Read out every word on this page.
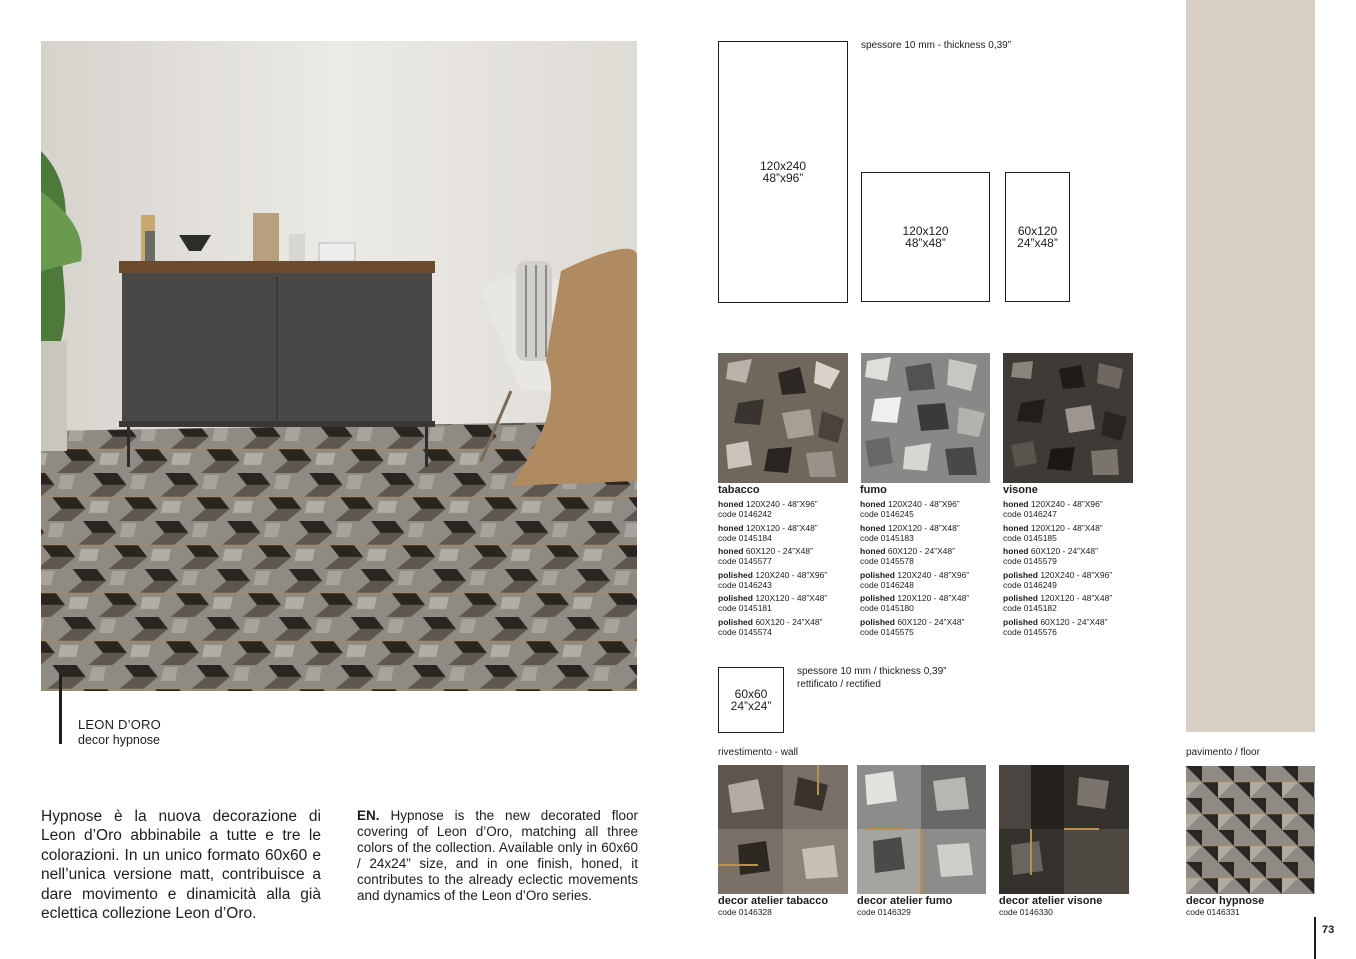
LEON D’ORO
decor hypnose
Hypnose è la nuova decorazione di Leon d’Oro abbinabile a tutte e tre le colorazioni. In un unico formato 60x60 e nell’unica versione matt, contribuisce a dare movimento e dinamicità alla già eclettica collezione Leon d’Oro.
EN. Hypnose is the new decorated floor covering of Leon d’Oro, matching all three colors of the collection. Available only in 60x60 / 24x24” size, and in one finish, honed, it contributes to the already eclectic movements and dynamics of the Leon d’Oro series.
120x240
48”x96”
spessore 10 mm - thickness 0,39”
120x120
48”x48”
60x120
24”x48”
tabacco
honed 120X240 - 48”X96”
code 0146242
honed 120X120 - 48”X48”
code 0145184
honed 60X120 - 24”X48”
code 0145577
polished 120X240 - 48”X96”
code 0146243
polished 120X120 - 48”X48”
code 0145181
polished 60X120 - 24”X48”
code 0145574
fumo
honed 120X240 - 48”X96”
code 0146245
honed 120X120 - 48”X48”
code 0145183
honed 60X120 - 24”X48”
code 0145578
polished 120X240 - 48”X96”
code 0146248
polished 120X120 - 48”X48”
code 0145180
polished 60X120 - 24”X48”
code 0145575
visone
honed 120X240 - 48”X96”
code 0146247
honed 120X120 - 48”X48”
code 0145185
honed 60X120 - 24”X48”
code 0145579
polished 120X240 - 48”X96”
code 0146249
polished 120X120 - 48”X48”
code 0145182
polished 60X120 - 24”X48”
code 0145576
60x60
24”x24”
spessore 10 mm / thickness 0,39”
rettificato / rectified
rivestimento - wall
decor atelier tabacco
code 0146328
decor atelier fumo
code 0146329
decor atelier visone
code 0146330
pavimento / floor
decor hypnose
code 0146331
73
